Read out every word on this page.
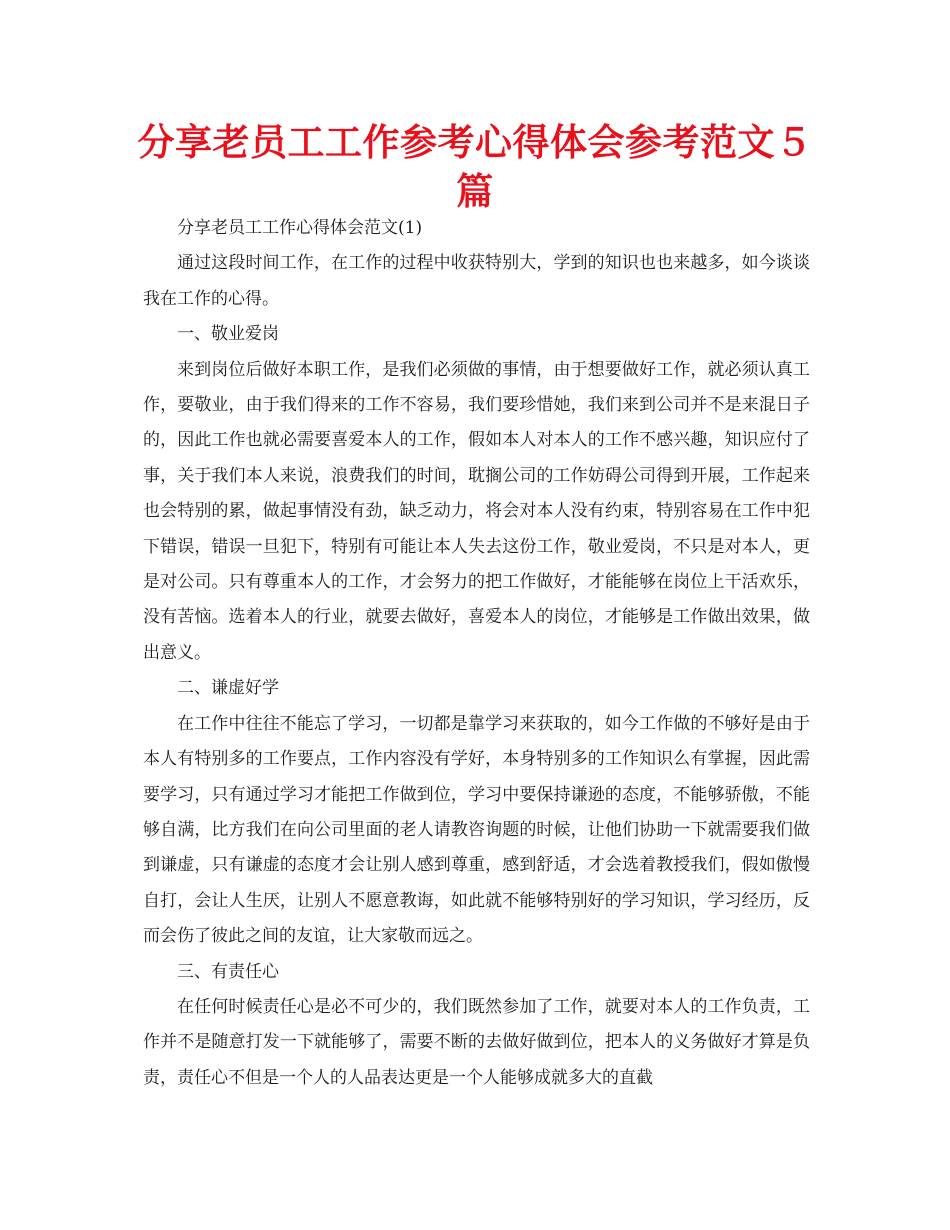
分享老员工工作参考心得体会参考范文５篇

分享老员工工作心得体会范文(1)

通过这段时间工作，在工作的过程中收获特别大，学到的知识也也来越多，如今谈谈我在工作的心得。

一、敬业爱岗

来到岗位后做好本职工作，是我们必须做的事情，由于想要做好工作，就必须认真工作，要敬业，由于我们得来的工作不容易，我们要珍惜她，我们来到公司并不是来混日子的，因此工作也就必需要喜爱本人的工作，假如本人对本人的工作不感兴趣，知识应付了事，关于我们本人来说，浪费我们的时间，耽搁公司的工作妨碍公司得到开展，工作起来也会特别的累，做起事情没有劲，缺乏动力，将会对本人没有约束，特别容易在工作中犯下错误，错误一旦犯下，特别有可能让本人失去这份工作，敬业爱岗，不只是对本人，更是对公司。只有尊重本人的工作，才会努力的把工作做好，才能能够在岗位上干活欢乐，没有苦恼。选着本人的行业，就要去做好，喜爱本人的岗位，才能够是工作做出效果，做出意义。

二、谦虚好学

在工作中往往不能忘了学习，一切都是靠学习来获取的，如今工作做的不够好是由于本人有特别多的工作要点，工作内容没有学好，本身特别多的工作知识么有掌握，因此需要学习，只有通过学习才能把工作做到位，学习中要保持谦逊的态度，不能够骄傲，不能够自满，比方我们在向公司里面的老人请教咨询题的时候，让他们协助一下就需要我们做到谦虚，只有谦虚的态度才会让别人感到尊重，感到舒适，才会选着教授我们，假如傲慢自打，会让人生厌，让别人不愿意教诲，如此就不能够特别好的学习知识，学习经历，反而会伤了彼此之间的友谊，让大家敬而远之。

三、有责任心

在任何时候责任心是必不可少的，我们既然参加了工作，就要对本人的工作负责，工作并不是随意打发一下就能够了，需要不断的去做好做到位，把本人的义务做好才算是负责，责任心不但是一个人的人品表达更是一个人能够成就多大的直截
